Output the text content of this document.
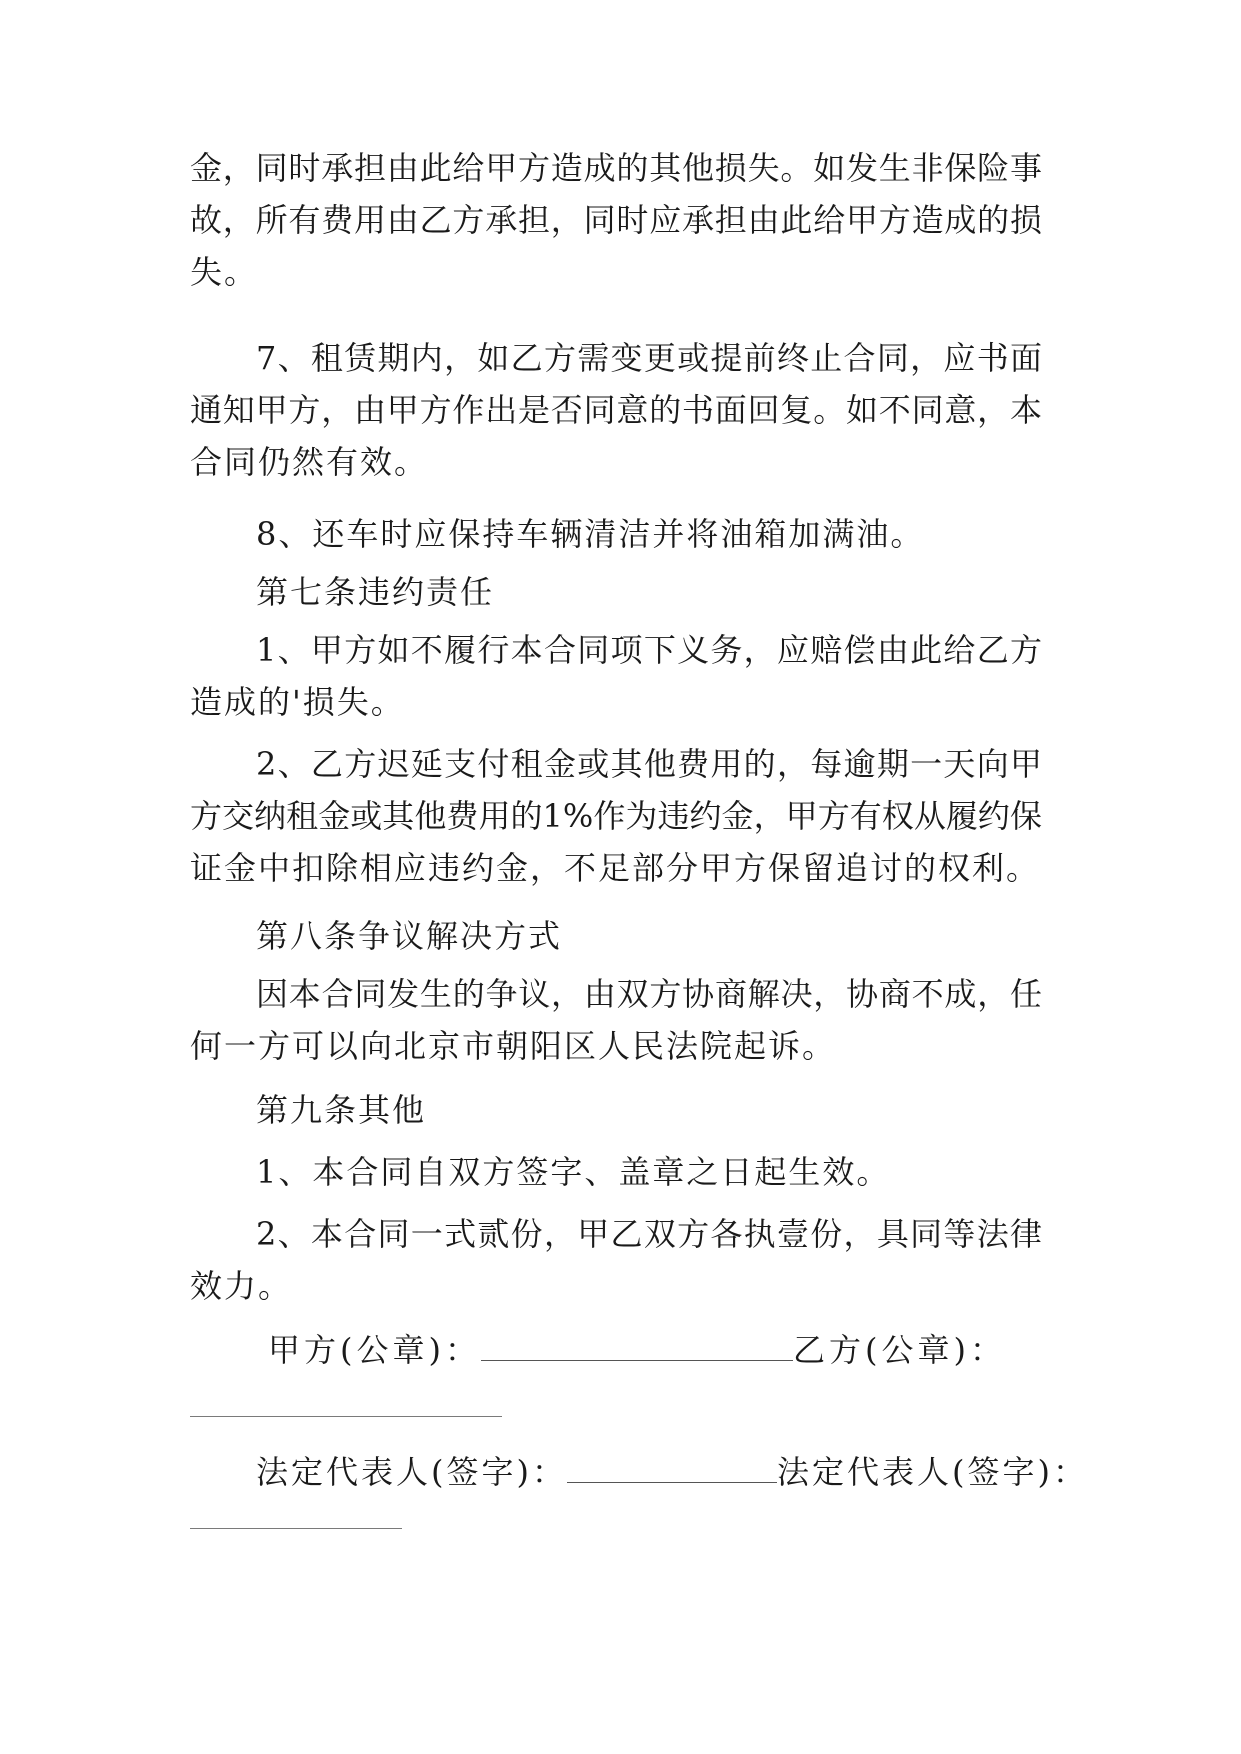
金，同时承担由此给甲方造成的其他损失。如发生非保险事
故，所有费用由乙方承担，同时应承担由此给甲方造成的损
失。
7、租赁期内，如乙方需变更或提前终止合同，应书面
通知甲方，由甲方作出是否同意的书面回复。如不同意，本
合同仍然有效。
8、还车时应保持车辆清洁并将油箱加满油。
第七条违约责任
1、甲方如不履行本合同项下义务，应赔偿由此给乙方
造成的'损失。
2、乙方迟延支付租金或其他费用的，每逾期一天向甲
方交纳租金或其他费用的1%作为违约金，甲方有权从履约保
证金中扣除相应违约金，不足部分甲方保留追讨的权利。
第八条争议解决方式
因本合同发生的争议，由双方协商解决，协商不成，任
何一方可以向北京市朝阳区人民法院起诉。
第九条其他
1、本合同自双方签字、盖章之日起生效。
2、本合同一式贰份，甲乙双方各执壹份，具同等法律
效力。
甲方(公章)：	乙方(公章)：
法定代表人(签字)：	法定代表人(签字)：
